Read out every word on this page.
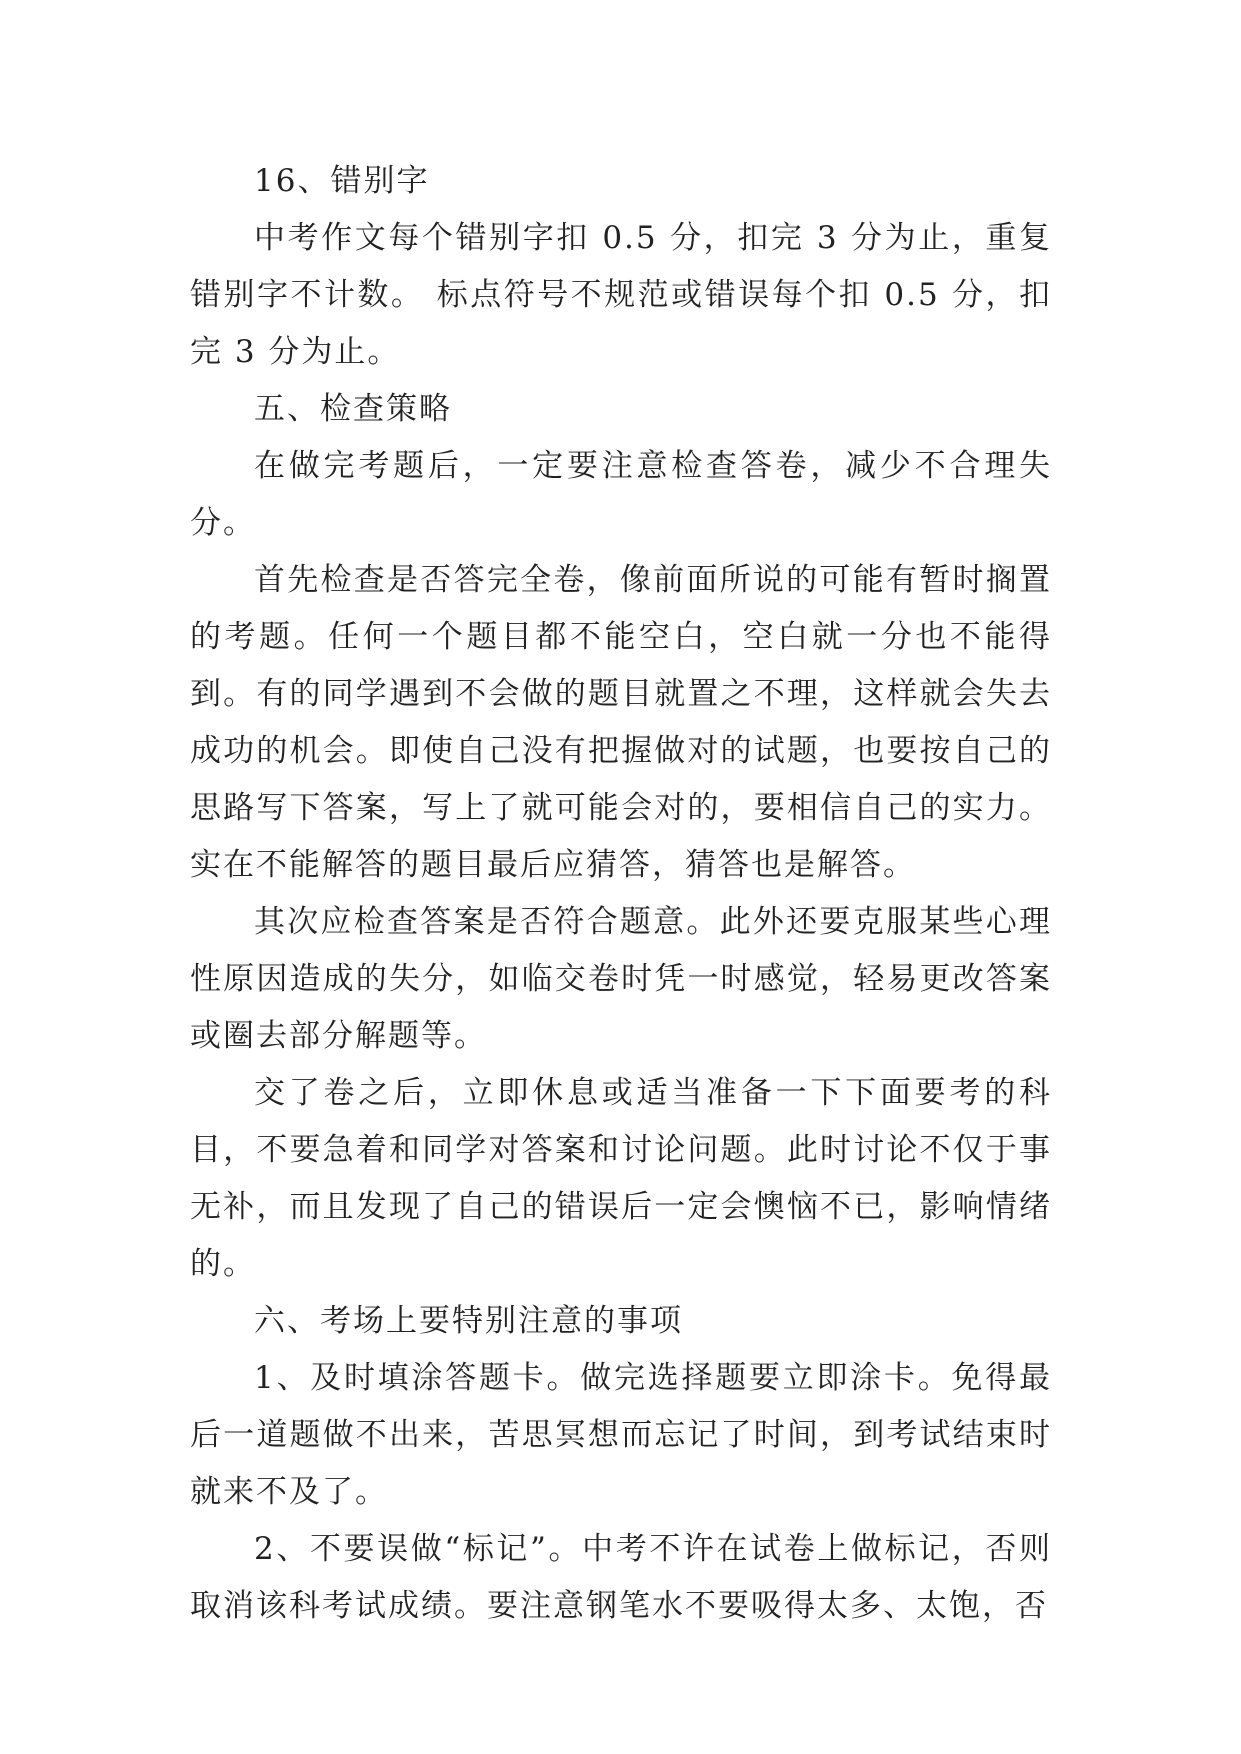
16、错别字

中考作文每个错别字扣 0.5 分，扣完 3 分为止，重复错别字不计数。 标点符号不规范或错误每个扣 0.5 分，扣完 3 分为止。

五、检查策略

在做完考题后，一定要注意检查答卷，减少不合理失分。

首先检查是否答完全卷，像前面所说的可能有暂时搁置的考题。任何一个题目都不能空白，空白就一分也不能得到。有的同学遇到不会做的题目就置之不理，这样就会失去成功的机会。即使自己没有把握做对的试题，也要按自己的思路写下答案，写上了就可能会对的，要相信自己的实力。实在不能解答的题目最后应猜答，猜答也是解答。

其次应检查答案是否符合题意。此外还要克服某些心理性原因造成的失分，如临交卷时凭一时感觉，轻易更改答案或圈去部分解题等。

交了卷之后，立即休息或适当准备一下下面要考的科目，不要急着和同学对答案和讨论问题。此时讨论不仅于事无补，而且发现了自己的错误后一定会懊恼不已，影响情绪的。

六、考场上要特别注意的事项

1、及时填涂答题卡。做完选择题要立即涂卡。免得最后一道题做不出来，苦思冥想而忘记了时间，到考试结束时就来不及了。

2、不要误做“标记”。中考不许在试卷上做标记，否则取消该科考试成绩。要注意钢笔水不要吸得太多、太饱，否
